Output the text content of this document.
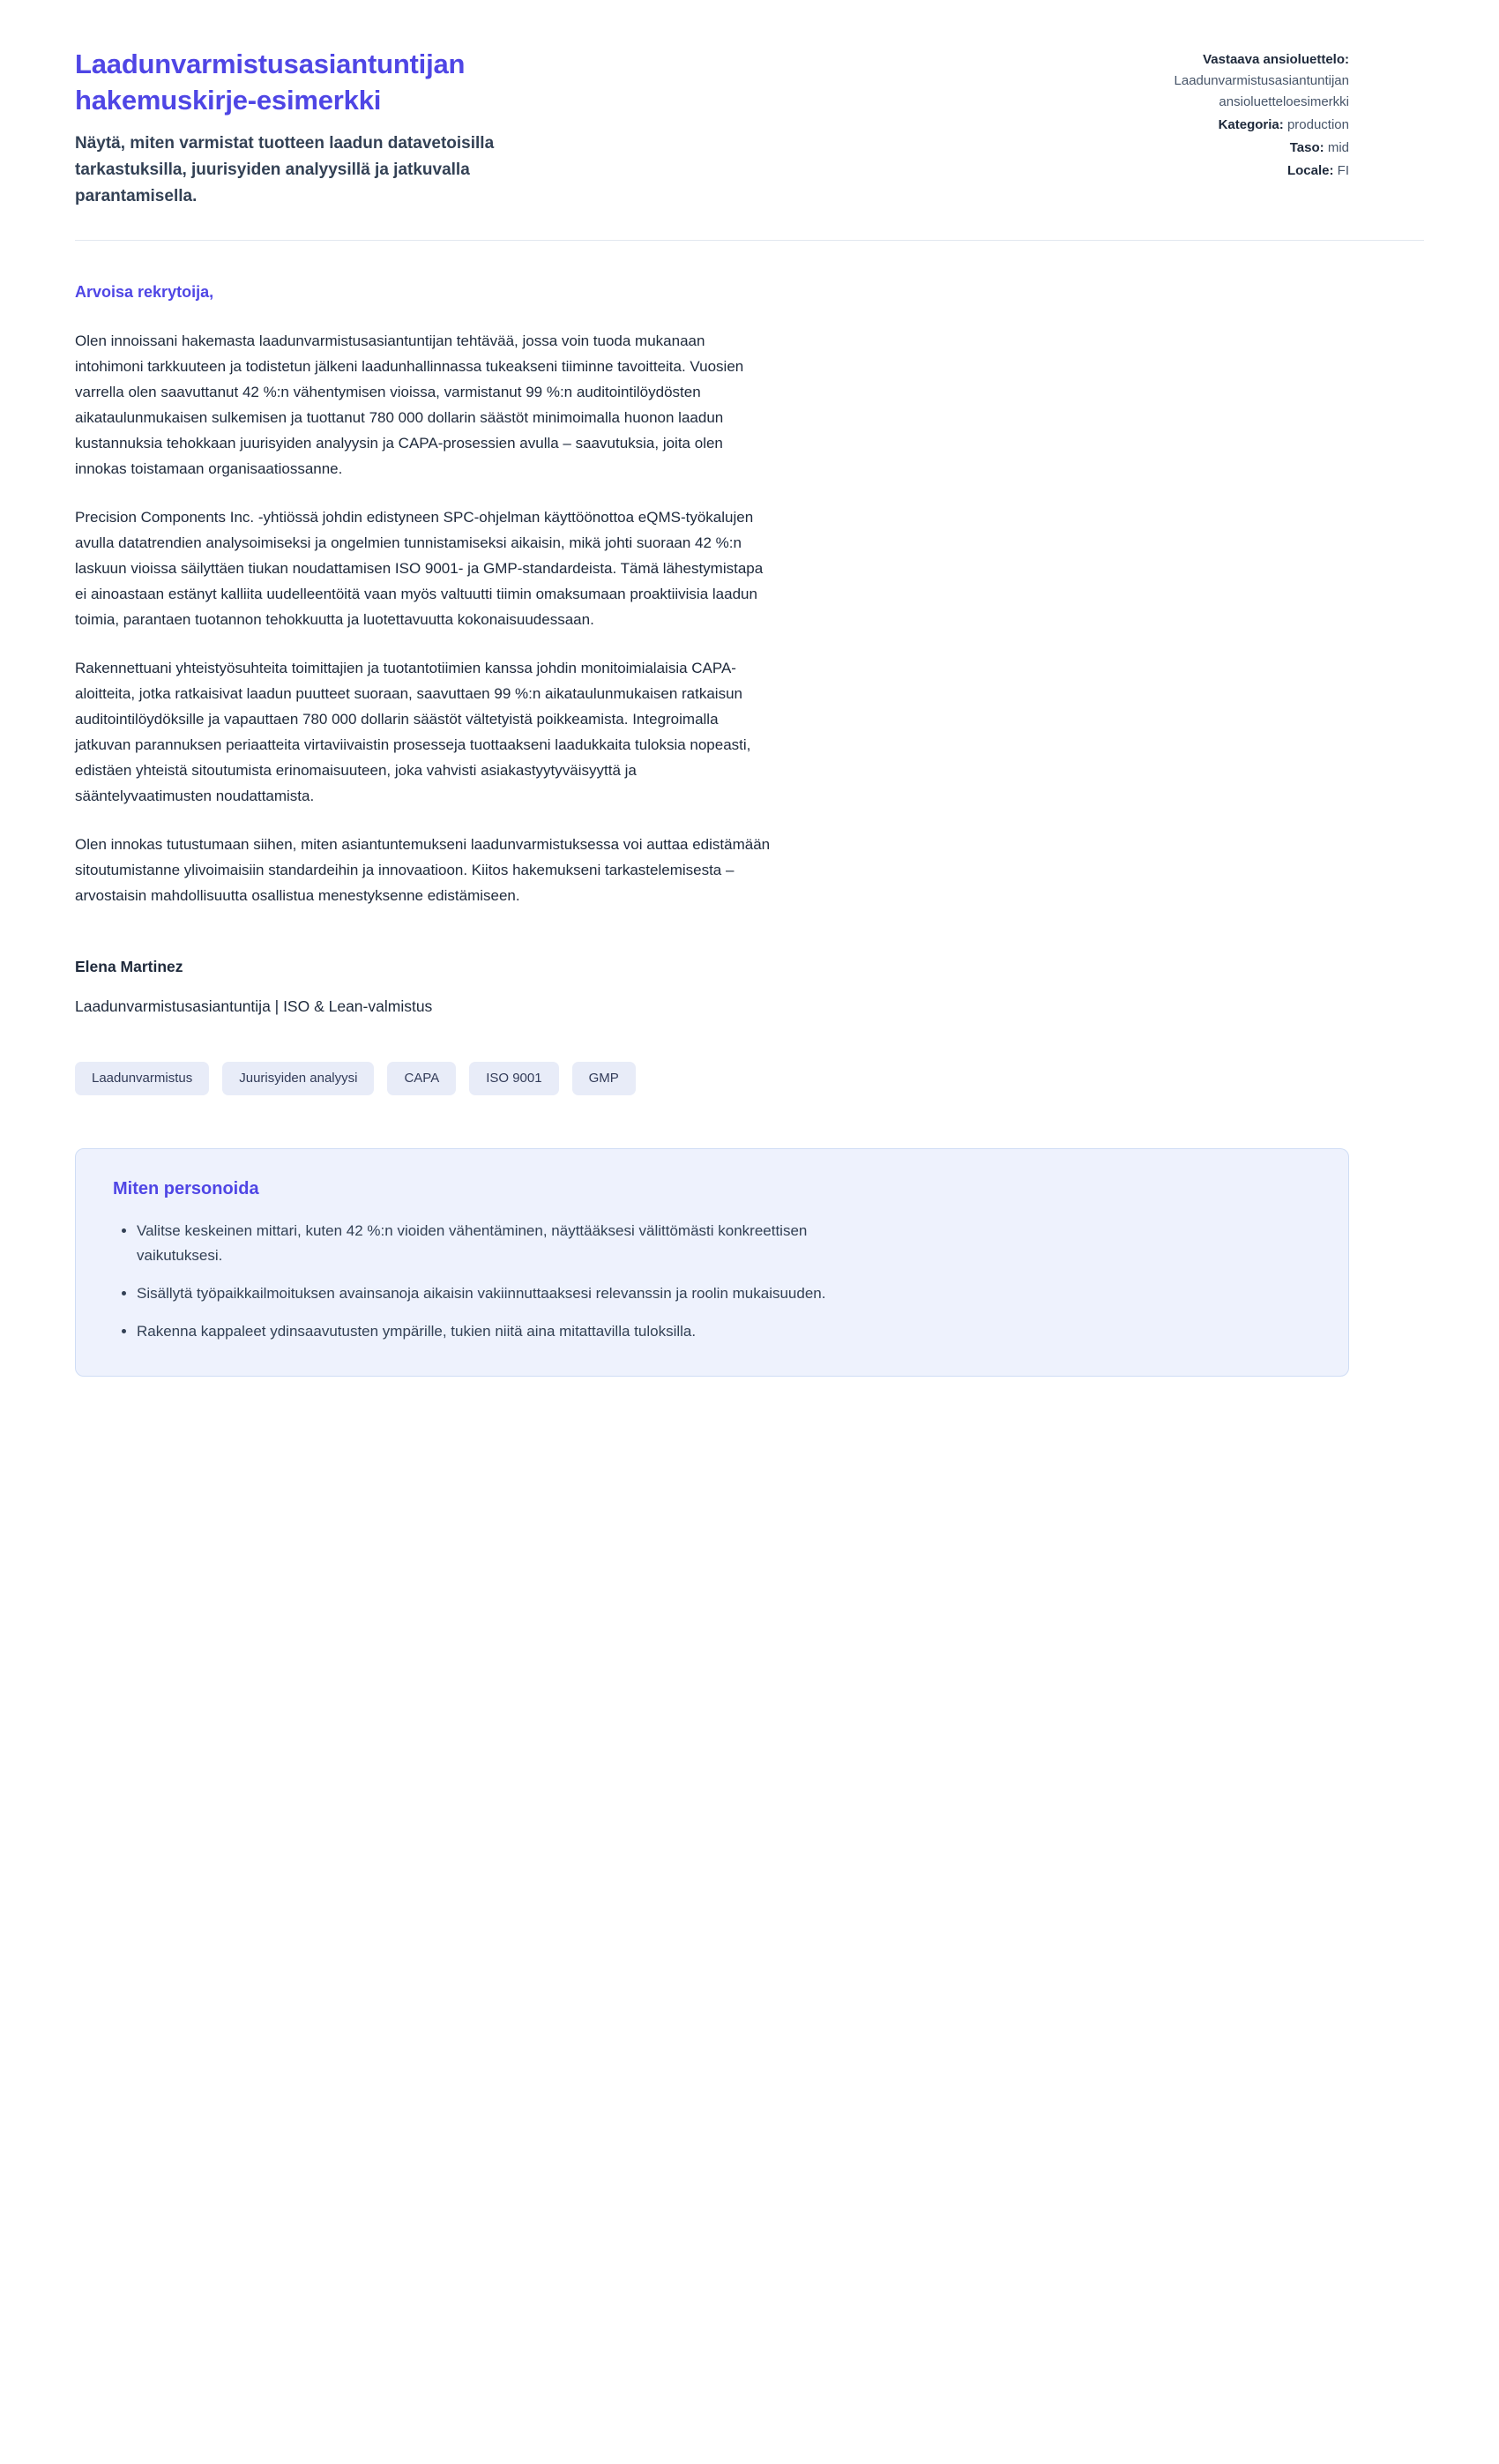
Laadunvarmistusasiantuntijan hakemuskirje-esimerkki

Näytä, miten varmistat tuotteen laadun datavetoisilla tarkastuksilla, juurisyiden analyysillä ja jatkuvalla parantamisella.

Vastaava ansioluettelo:
Laadunvarmistusasiantuntijan ansioluetteloesimerkki
Kategoria: production
Taso: mid
Locale: FI

Arvoisa rekrytoija,

Olen innoissani hakemasta laadunvarmistusasiantuntijan tehtävää, jossa voin tuoda mukanaan intohimoni tarkkuuteen ja todistetun jälkeni laadunhallinnassa tukeakseni tiiminne tavoitteita. Vuosien varrella olen saavuttanut 42 %:n vähentymisen vioissa, varmistanut 99 %:n auditointilöydösten aikataulunmukaisen sulkemisen ja tuottanut 780 000 dollarin säästöt minimoimalla huonon laadun kustannuksia tehokkaan juurisyiden analyysin ja CAPA-prosessien avulla – saavutuksia, joita olen innokas toistamaan organisaatiossanne.

Precision Components Inc. -yhtiössä johdin edistyneen SPC-ohjelman käyttöönottoa eQMS-työkalujen avulla datatrendien analysoimiseksi ja ongelmien tunnistamiseksi aikaisin, mikä johti suoraan 42 %:n laskuun vioissa säilyttäen tiukan noudattamisen ISO 9001- ja GMP-standardeista. Tämä lähestymistapa ei ainoastaan estänyt kalliita uudelleentöitä vaan myös valtuutti tiimin omaksumaan proaktiivisia laadun toimia, parantaen tuotannon tehokkuutta ja luotettavuutta kokonaisuudessaan.

Rakennettuani yhteistyösuhteita toimittajien ja tuotantotiimien kanssa johdin monitoimialaisia CAPA-aloitteita, jotka ratkaisivat laadun puutteet suoraan, saavuttaen 99 %:n aikataulunmukaisen ratkaisun auditointilöydöksille ja vapauttaen 780 000 dollarin säästöt vältetyistä poikkeamista. Integroimalla jatkuvan parannuksen periaatteita virtaviivaistin prosesseja tuottaakseni laadukkaita tuloksia nopeasti, edistäen yhteistä sitoutumista erinomaisuuteen, joka vahvisti asiakastyytyväisyyttä ja sääntelyvaatimusten noudattamista.

Olen innokas tutustumaan siihen, miten asiantuntemukseni laadunvarmistuksessa voi auttaa edistämään sitoutumistanne ylivoimaisiin standardeihin ja innovaatioon. Kiitos hakemukseni tarkastelemisesta – arvostaisin mahdollisuutta osallistua menestyksenne edistämiseen.

Elena Martinez

Laadunvarmistusasiantuntija | ISO & Lean-valmistus

Laadunvarmistus	Juurisyiden analyysi	CAPA	ISO 9001	GMP
Miten personoida
• Valitse keskeinen mittari, kuten 42 %:n vioiden vähentäminen, näyttääksesi välittömästi konkreettisen vaikutuksesi.
• Sisällytä työpaikkailmoituksen avainsanoja aikaisin vakiinnuttaaksesi relevanssin ja roolin mukaisuuden.
• Rakenna kappaleet ydinsaavutusten ympärille, tukien niitä aina mitattavilla tuloksilla.
